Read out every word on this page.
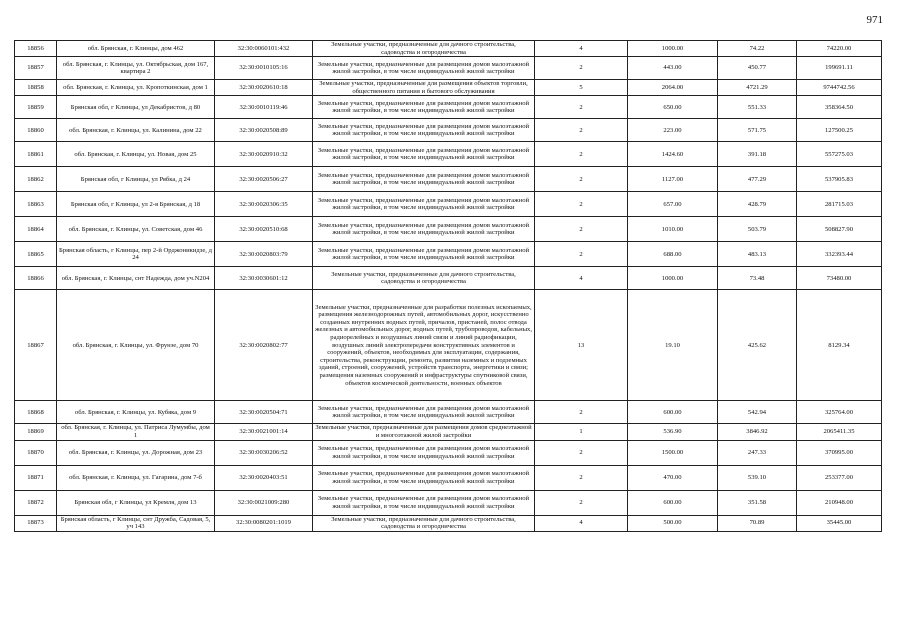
971
18856	обл. Брянская, г. Клинцы, дом 462	32:30:0060101:432	Земельные участки, предназначенные для дачного строительства, садоводства и огородничества	4	1000.00	74.22	74220.00
18857	обл. Брянская, г. Клинцы, ул. Октябрьская, дом 167, квартира 2	32:30:0010105:16	Земельные участки, предназначенные для размещения домов малоэтажной жилой застройки, в том числе индивидуальной жилой застройки	2	443.00	450.77	199691.11
18858	обл. Брянская, г. Клинцы, ул. Кропоткинская, дом 1	32:30:0020610:18	Земельные участки, предназначенные для размещения объектов торговли, общественного питания и бытового обслуживания	5	2064.00	4721.29	9744742.56
18859	Брянская обл, г Клинцы, ул Декабристов, д 80	32:30:0010119:46	Земельные участки, предназначенные для размещения домов малоэтажной жилой застройки, в том числе индивидуальной жилой застройки	2	650.00	551.33	358364.50
18860	обл. Брянская, г. Клинцы, ул. Калинина, дом 22	32:30:0020508:89	Земельные участки, предназначенные для размещения домов малоэтажной жилой застройки, в том числе индивидуальной жилой застройки	2	223.00	571.75	127500.25
18861	обл. Брянская, г. Клинцы, ул. Новая, дом 25	32:30:0020910:32	Земельные участки, предназначенные для размещения домов малоэтажной жилой застройки, в том числе индивидуальной жилой застройки	2	1424.60	391.18	557275.03
18862	Брянская обл, г Клинцы, ул Рябка, д 24	32:30:0020506:27	Земельные участки, предназначенные для размещения домов малоэтажной жилой застройки, в том числе индивидуальной жилой застройки	2	1127.00	477.29	537905.83
18863	Брянская обл, г Клинцы, ул 2-я Брянская, д 18	32:30:0020306:35	Земельные участки, предназначенные для размещения домов малоэтажной жилой застройки, в том числе индивидуальной жилой застройки	2	657.00	428.79	281715.03
18864	обл. Брянская, г. Клинцы, ул. Советская, дом 46	32:30:0020510:68	Земельные участки, предназначенные для размещения домов малоэтажной жилой застройки, в том числе индивидуальной жилой застройки	2	1010.00	503.79	508827.90
18865	Брянская область, г Клинцы, пер 2-й Орджоникидзе, д 24	32:30:0020803:79	Земельные участки, предназначенные для размещения домов малоэтажной жилой застройки, в том числе индивидуальной жилой застройки	2	688.00	483.13	332393.44
18866	обл. Брянская, г. Клинцы, снт Надежда, дом уч.N204	32:30:0030601:12	Земельные участки, предназначенные для дачного строительства, садоводства и огородничества	4	1000.00	73.48	73480.00
18867	обл. Брянская, г. Клинцы, ул. Фрунзе, дом 70	32:30:0020802:77	Земельные участки, предназначенные для разработки полезных ископаемых, размещения железнодорожных путей, автомобильных дорог, искусственно созданных внутренних водных путей, причалов, пристаней, полос отвода железных и автомобильных дорог, водных путей, трубопроводов, кабельных, радиорелейных и воздушных линий связи и линий радиофикации, воздушных линий электропередачи конструктивных элементов и сооружений, объектов, необходимых для эксплуатации, содержания, строительства, реконструкции, ремонта, развития наземных и подземных зданий, строений, сооружений, устройств транспорта, энергетики и связи; размещения наземных сооружений и инфраструктуры спутниковой связи, объектов космической деятельности, военных объектов	13	19.10	425.62	8129.34
18868	обл. Брянская, г. Клинцы, ул. Кубяка, дом 9	32:30:0020504:71	Земельные участки, предназначенные для размещения домов малоэтажной жилой застройки, в том числе индивидуальной жилой застройки	2	600.00	542.94	325764.00
18869	обл. Брянская, г. Клинцы, ул. Патриса Лумумбы, дом 1	32:30:0021001:14	Земельные участки, предназначенные для размещения домов среднеэтажной и многоэтажной жилой застройки	1	536.90	3846.92	2065411.35
18870	обл. Брянская, г. Клинцы, ул. Дорожная, дом 23	32:30:0030206:52	Земельные участки, предназначенные для размещения домов малоэтажной жилой застройки, в том числе индивидуальной жилой застройки	2	1500.00	247.33	370995.00
18871	обл. Брянская, г. Клинцы, ул. Гагарина, дом 7-б	32:30:0020403:51	Земельные участки, предназначенные для размещения домов малоэтажной жилой застройки, в том числе индивидуальной жилой застройки	2	470.00	539.10	253377.00
18872	Брянская обл, г Клинцы, ул Кремля, дом 13	32:30:0021009:280	Земельные участки, предназначенные для размещения домов малоэтажной жилой застройки, в том числе индивидуальной жилой застройки	2	600.00	351.58	210948.00
18873	Брянская область, г Клинцы, снт Дружба, Садовая, 5, уч 143	32:30:0080201:1019	Земельные участки, предназначенные для дачного строительства, садоводства и огородничества	4	500.00	70.89	35445.00
